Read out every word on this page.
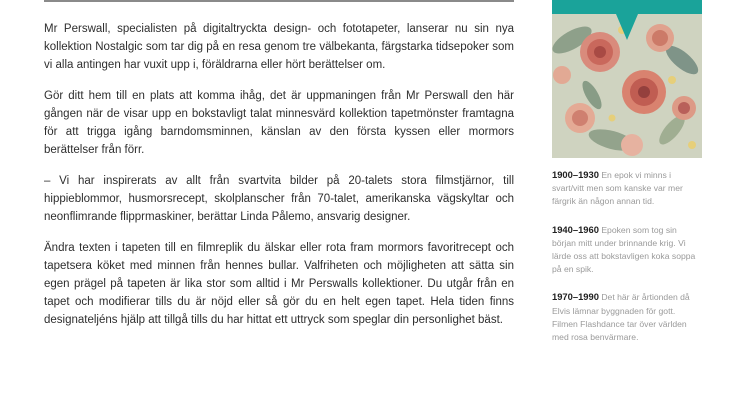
Mr Perswall, specialisten på digitaltryckta design- och fototapeter, lanserar nu sin nya kollektion Nostalgic som tar dig på en resa genom tre välbekanta, färgstarka tidsepoker som vi alla antingen har vuxit upp i, föräldrarna eller hört berättelser om.

Gör ditt hem till en plats att komma ihåg, det är uppmaningen från Mr Perswall den här gången när de visar upp en bokstavligt talat minnesvärd kollektion tapetmönster framtagna för att trigga igång barndomsminnen, känslan av den första kyssen eller mormors berättelser från förr.

– Vi har inspirerats av allt från svartvita bilder på 20-talets stora filmstjärnor, till hippieblommor, husmorsrecept, skolplanscher från 70-talet, amerikanska vägskyltar och neonflimrande flipprmaskiner, berättar Linda Pålemo, ansvarig designer.

Ändra texten i tapeten till en filmreplik du älskar eller rota fram mormors favoritrecept och tapetsera köket med minnen från hennes bullar. Valfriheten och möjligheten att sätta sin egen prägel på tapeten är lika stor som alltid i Mr Perswalls kollektioner. Du utgår från en tapet och modifierar tills du är nöjd eller så gör du en helt egen tapet. Hela tiden finns designateljéns hjälp att tillgå tills du har hittat ett uttryck som speglar din personlighet bäst.

1900–1930 En epok vi minns i svart/vitt men som kanske var mer färgrik än någon annan tid.
1940–1960 Epoken som tog sin början mitt under brinnande krig. Vi lärde oss att bokstavligen koka soppa på en spik.
1970–1990 Det här är årtionden då Elvis lämnar byggnaden för gott. Filmen Flashdance tar över världen med rosa benvärmare.
